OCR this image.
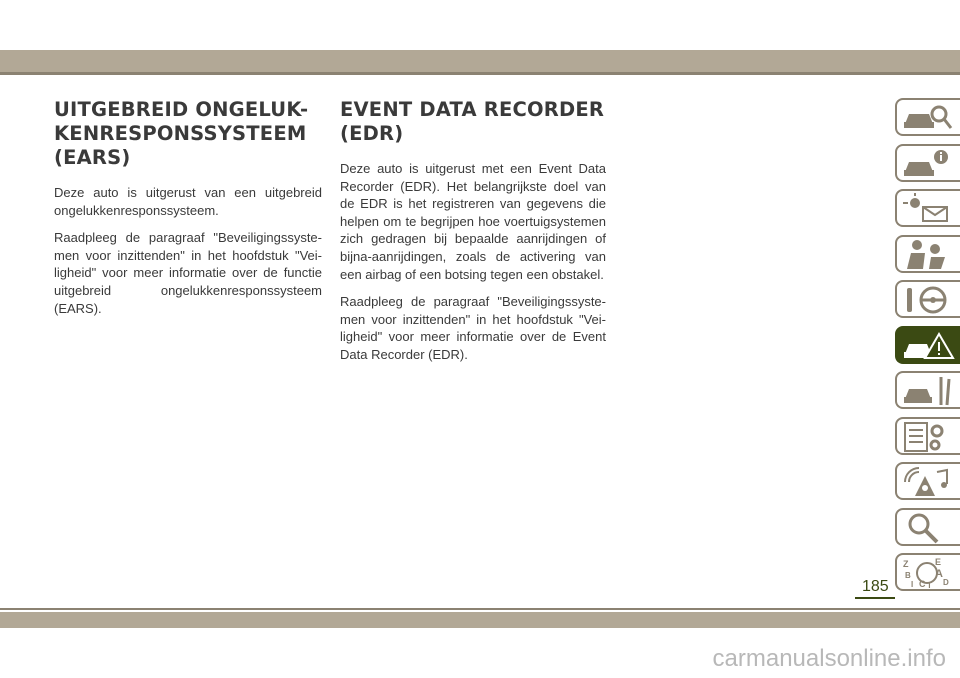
UITGEBREID ONGELUK-
KENRESPONSSYSTEEM
(EARS)

Deze auto is uitgerust van een uitgebreid ongelukkenresponssysteem.

Raadpleeg de paragraaf "Beveiligingssyste-men voor inzittenden" in het hoofdstuk "Vei-ligheid" voor meer informatie over de functie uitgebreid ongelukkenresponssysteem (EARS).

EVENT DATA RECORDER
(EDR)

Deze auto is uitgerust met een Event Data Recorder (EDR). Het belangrijkste doel van de EDR is het registreren van gegevens die helpen om te begrijpen hoe voertuigsystemen zich gedragen bij bepaalde aanrijdingen of bijna-aanrijdingen, zoals de activering van een airbag of een botsing tegen een obstakel.

Raadpleeg de paragraaf "Beveiligingssyste-men voor inzittenden" in het hoofdstuk "Vei-ligheid" voor meer informatie over de Event Data Recorder (EDR).

Z	E
B A
I C T D
185
carmanualsonline.info
